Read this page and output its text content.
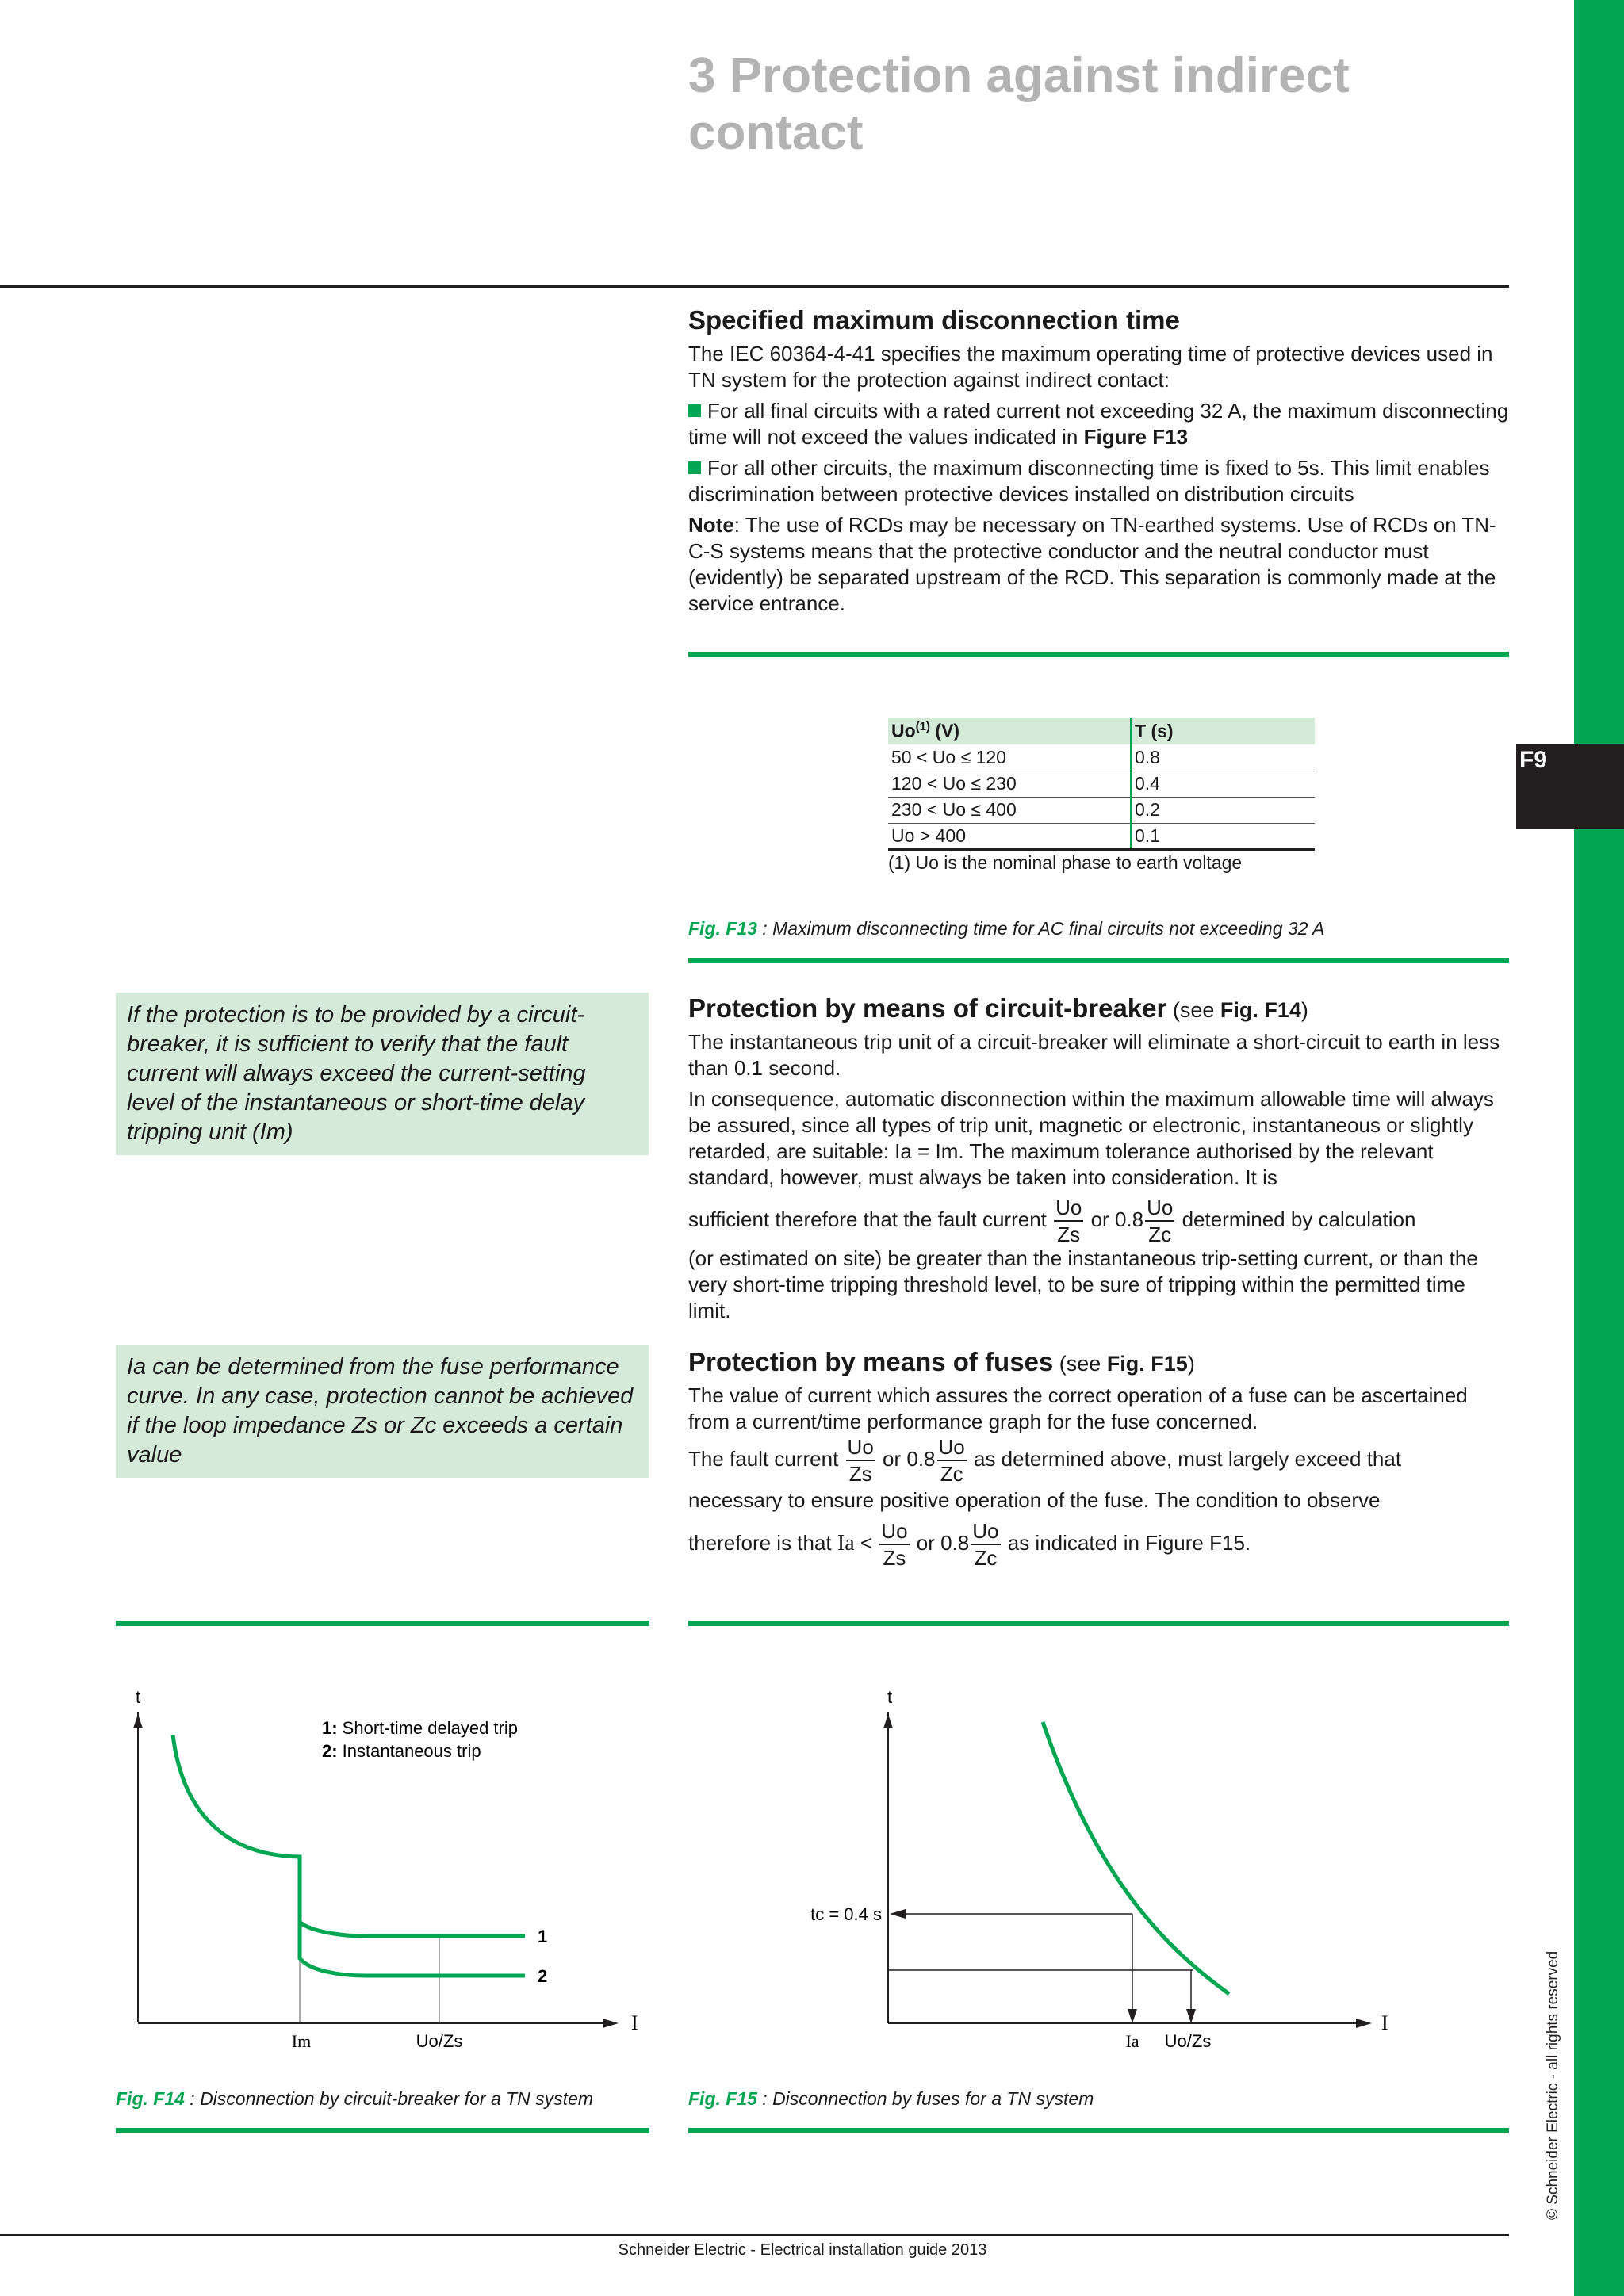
F9
© Schneider Electric - all rights reserved
3 Protection against indirect contact
Specified maximum disconnection time

The IEC 60364-4-41 specifies the maximum operating time of protective devices used in TN system for the protection against indirect contact:

For all final circuits with a rated current not exceeding 32 A, the maximum disconnecting time will not exceed the values indicated in Figure F13

For all other circuits, the maximum disconnecting time is fixed to 5s. This limit enables discrimination between protective devices installed on distribution circuits

Note: The use of RCDs may be necessary on TN-earthed systems. Use of RCDs on TN-C-S systems means that the protective conductor and the neutral conductor must (evidently) be separated upstream of the RCD. This separation is commonly made at the service entrance.

Uo$^{(1)}$ (V)	T (s)
50 < Uo ≤ 120	0.8
120 < Uo ≤ 230	0.4
230 < Uo ≤ 400	0.2
Uo > 400	0.1
(1) Uo is the nominal phase to earth voltage
Fig. F13 : Maximum disconnecting time for AC final circuits not exceeding 32 A
If the protection is to be provided by a circuit-breaker, it is sufficient to verify that the fault current will always exceed the current-setting level of the instantaneous or short-time delay tripping unit (Im)
Protection by means of circuit-breaker (see Fig. F14)

The instantaneous trip unit of a circuit-breaker will eliminate a short-circuit to earth in less than 0.1 second.

In consequence, automatic disconnection within the maximum allowable time will always be assured, since all types of trip unit, magnetic or electronic, instantaneous or slightly retarded, are suitable: Ia = Im. The maximum tolerance authorised by the relevant standard, however, must always be taken into consideration. It is

sufficient therefore that the fault current $\frac{Uo}{Zs}$ or $0.8 \frac{Uo}{Zc}$ determined by calculation
(or estimated on site) be greater than the instantaneous trip-setting current, or than the very short-time tripping threshold level, to be sure of tripping within the permitted time limit.
Ia can be determined from the fuse performance curve. In any case, protection cannot be achieved if the loop impedance Zs or Zc exceeds a certain value
Protection by means of fuses (see Fig. F15)

The value of current which assures the correct operation of a fuse can be ascertained from a current/time performance graph for the fuse concerned.

The fault current $\frac{Uo}{Zs}$ or $0.8 \frac{Uo}{Zc}$ as determined above, must largely exceed that
necessary to ensure positive operation of the fuse. The condition to observe
therefore is that $Ia < \frac{Uo}{Zs}$ or $0.8 \frac{Uo}{Zc}$ as indicated in Figure F15.
t
I
1
2
1: Short-time delayed trip
2: Instantaneous trip
Im	Uo/Zs
Fig. F14 : Disconnection by circuit-breaker for a TN system
t
I
tc = 0.4 s
Ia Uo/Zs
Fig. F15 : Disconnection by fuses for a TN system
Schneider Electric - Electrical installation guide 2013
